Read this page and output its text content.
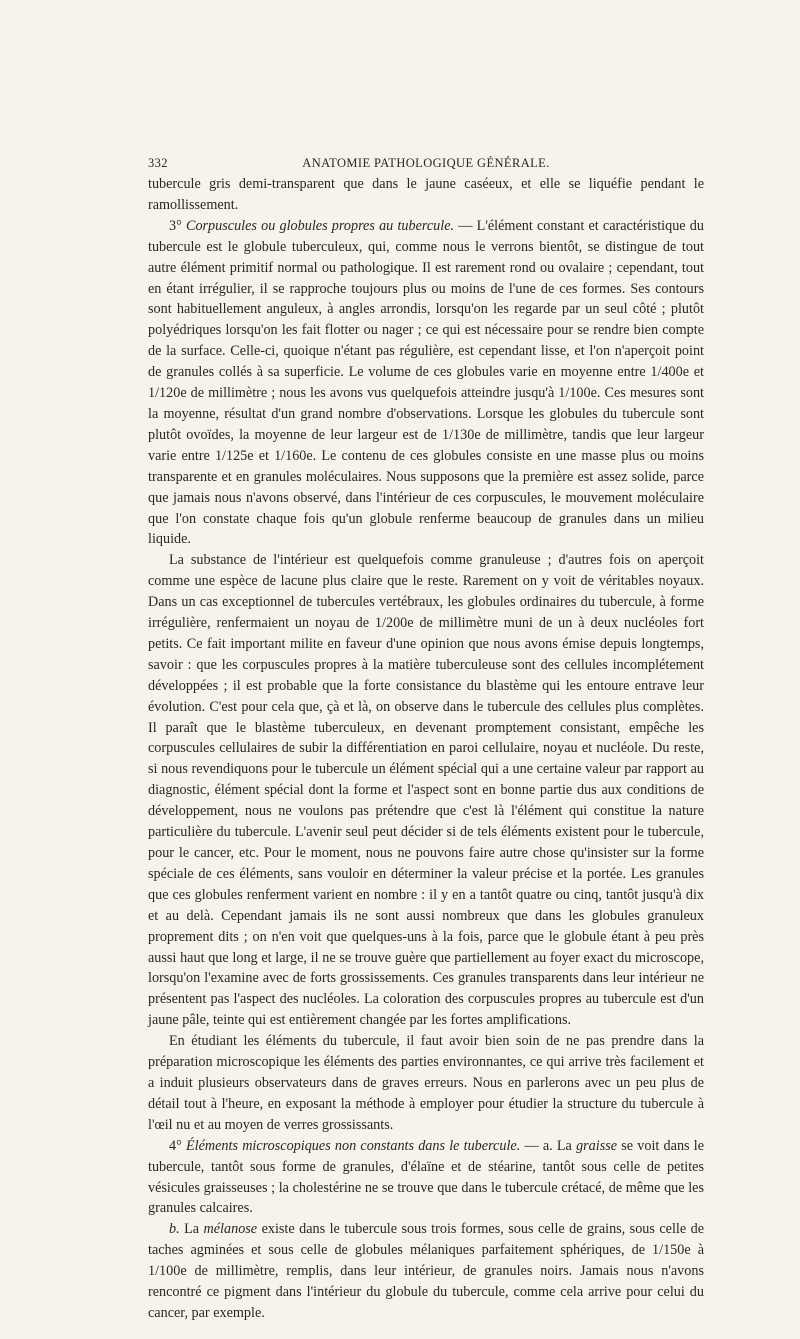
332	ANATOMIE PATHOLOGIQUE GÉNÉRALE.

tubercule gris demi-transparent que dans le jaune caséeux, et elle se liquéfie pendant le ramollissement.

3° Corpuscules ou globules propres au tubercule. — L'élément constant et caractéristique du tubercule est le globule tuberculeux, qui, comme nous le verrons bientôt, se distingue de tout autre élément primitif normal ou pathologique. Il est rarement rond ou ovalaire ; cependant, tout en étant irrégulier, il se rapproche toujours plus ou moins de l'une de ces formes. Ses contours sont habituellement anguleux, à angles arrondis, lorsqu'on les regarde par un seul côté ; plutôt polyédriques lorsqu'on les fait flotter ou nager ; ce qui est nécessaire pour se rendre bien compte de la surface. Celle-ci, quoique n'étant pas régulière, est cependant lisse, et l'on n'aperçoit point de granules collés à sa superficie. Le volume de ces globules varie en moyenne entre 1/400e et 1/120e de millimètre ; nous les avons vus quelquefois atteindre jusqu'à 1/100e. Ces mesures sont la moyenne, résultat d'un grand nombre d'observations. Lorsque les globules du tubercule sont plutôt ovoïdes, la moyenne de leur largeur est de 1/130e de millimètre, tandis que leur largeur varie entre 1/125e et 1/160e. Le contenu de ces globules consiste en une masse plus ou moins transparente et en granules moléculaires. Nous supposons que la première est assez solide, parce que jamais nous n'avons observé, dans l'intérieur de ces corpuscules, le mouvement moléculaire que l'on constate chaque fois qu'un globule renferme beaucoup de granules dans un milieu liquide.

La substance de l'intérieur est quelquefois comme granuleuse ; d'autres fois on aperçoit comme une espèce de lacune plus claire que le reste. Rarement on y voit de véritables noyaux. Dans un cas exceptionnel de tubercules vertébraux, les globules ordinaires du tubercule, à forme irrégulière, renfermaient un noyau de 1/200e de millimètre muni de un à deux nucléoles fort petits. Ce fait important milite en faveur d'une opinion que nous avons émise depuis longtemps, savoir : que les corpuscules propres à la matière tuberculeuse sont des cellules incomplétement développées ; il est probable que la forte consistance du blastème qui les entoure entrave leur évolution. C'est pour cela que, çà et là, on observe dans le tubercule des cellules plus complètes. Il paraît que le blastème tuberculeux, en devenant promptement consistant, empêche les corpuscules cellulaires de subir la différentiation en paroi cellulaire, noyau et nucléole. Du reste, si nous revendiquons pour le tubercule un élément spécial qui a une certaine valeur par rapport au diagnostic, élément spécial dont la forme et l'aspect sont en bonne partie dus aux conditions de développement, nous ne voulons pas prétendre que c'est là l'élément qui constitue la nature particulière du tubercule. L'avenir seul peut décider si de tels éléments existent pour le tubercule, pour le cancer, etc. Pour le moment, nous ne pouvons faire autre chose qu'insister sur la forme spéciale de ces éléments, sans vouloir en déterminer la valeur précise et la portée. Les granules que ces globules renferment varient en nombre : il y en a tantôt quatre ou cinq, tantôt jusqu'à dix et au delà. Cependant jamais ils ne sont aussi nombreux que dans les globules granuleux proprement dits ; on n'en voit que quelques-uns à la fois, parce que le globule étant à peu près aussi haut que long et large, il ne se trouve guère que partiellement au foyer exact du microscope, lorsqu'on l'examine avec de forts grossissements. Ces granules transparents dans leur intérieur ne présentent pas l'aspect des nucléoles. La coloration des corpuscules propres au tubercule est d'un jaune pâle, teinte qui est entièrement changée par les fortes amplifications.

En étudiant les éléments du tubercule, il faut avoir bien soin de ne pas prendre dans la préparation microscopique les éléments des parties environnantes, ce qui arrive très facilement et a induit plusieurs observateurs dans de graves erreurs. Nous en parlerons avec un peu plus de détail tout à l'heure, en exposant la méthode à employer pour étudier la structure du tubercule à l'œil nu et au moyen de verres grossissants.

4° Éléments microscopiques non constants dans le tubercule. — a. La graisse se voit dans le tubercule, tantôt sous forme de granules, d'élaïne et de stéarine, tantôt sous celle de petites vésicules graisseuses ; la cholestérine ne se trouve que dans le tubercule crétacé, de même que les granules calcaires.

b. La mélanose existe dans le tubercule sous trois formes, sous celle de grains, sous celle de taches agminées et sous celle de globules mélaniques parfaitement sphériques, de 1/150e à 1/100e de millimètre, remplis, dans leur intérieur, de granules noirs. Jamais nous n'avons rencontré ce pigment dans l'intérieur du globule du tubercule, comme cela arrive pour celui du cancer, par exemple.
